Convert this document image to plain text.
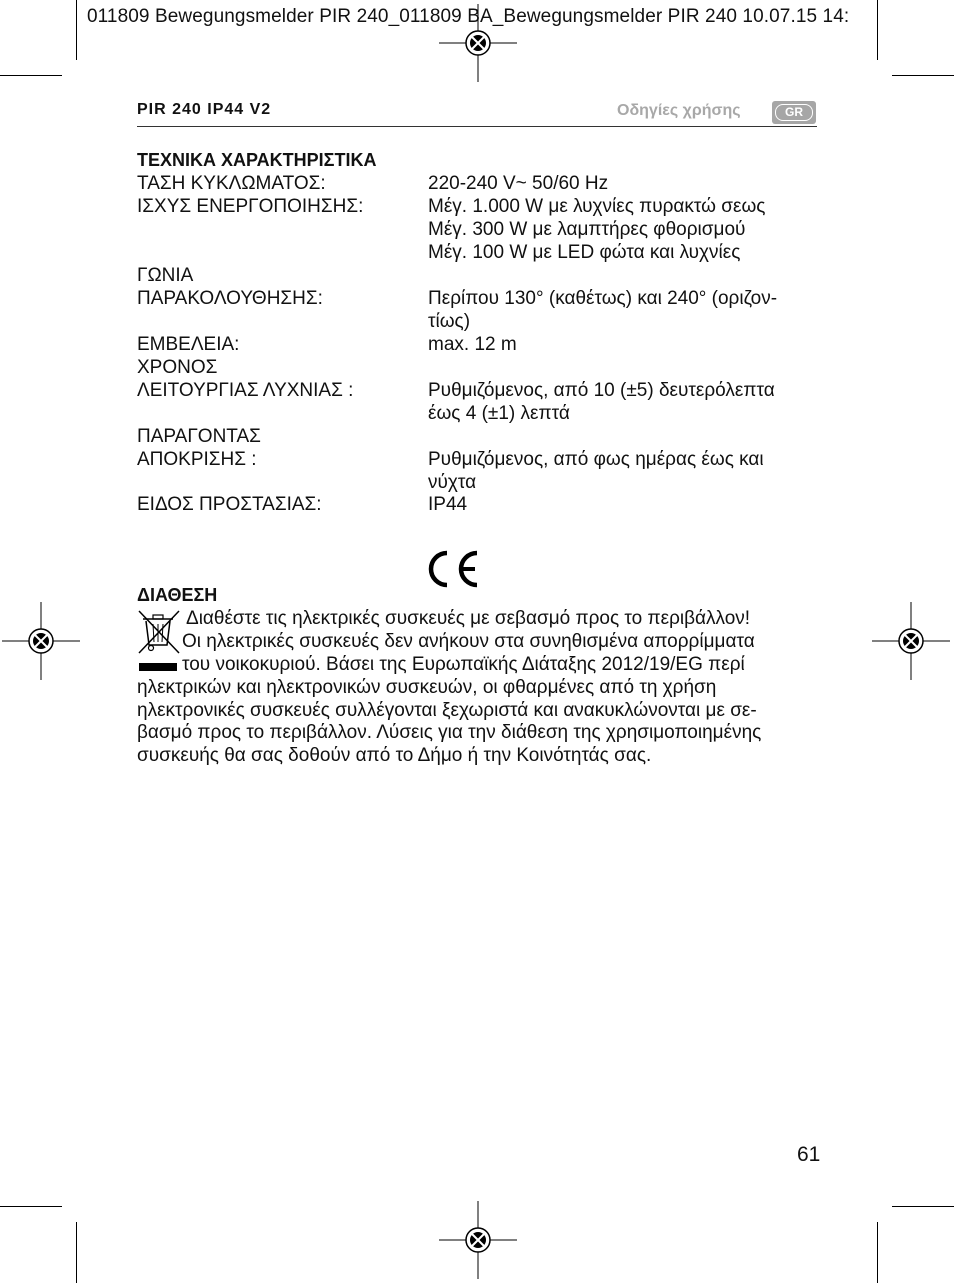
011809 Bewegungsmelder PIR 240_011809 BA_Bewegungsmelder PIR 240 10.07.15 14:
PIR 240 IP44 V2	Οδηγίες χρήσης	GR
ΤΕΧΝΙΚΑ ΧΑΡΑΚΤΗΡΙΣΤΙΚΑ
ΤΑΣΗ ΚΥΚΛΩΜΑΤΟΣ:	220-240 V~ 50/60 Hz
ΙΣΧΥΣ ΕΝΕΡΓΟΠΟΙΗΣΗΣ:	Μέγ. 1.000 W με λυχνίες πυρακτώ σεως
Μέγ. 300 W με λαμπτήρες φθορισμού
Μέγ. 100 W με LED φώτα και λυχνίες
ΓΩΝΙΑ
ΠΑΡΑΚΟΛΟΥΘΗΣΗΣ:	Περίπου 130° (καθέτως) και 240° (οριζον-
τίως)
ΕΜΒΕΛΕΙΑ:	max. 12 m
ΧΡΟΝΟΣ
ΛΕΙΤΟΥΡΓΙΑΣ ΛΥΧΝΙΑΣ :	Ρυθμιζόμενος, από 10 (±5) δευτερόλεπτα
έως 4 (±1) λεπτά
ΠΑΡΑΓΟΝΤΑΣ
ΑΠΟΚΡΙΣΗΣ :	Ρυθμιζόμενος, από φως ημέρας έως και
νύχτα
ΕΙΔΟΣ ΠΡΟΣΤΑΣΙΑΣ:	IP44
ΔΙΑΘΕΣΗ
Διαθέστε τις ηλεκτρικές συσκευές με σεβασμό προς το περιβάλλον!
Οι ηλεκτρικές συσκευές δεν ανήκουν στα συνηθισμένα απορρίμματα
του νοικοκυριού. Βάσει της Ευρωπαϊκής Διάταξης 2012/19/EG περί
ηλεκτρικών και ηλεκτρονικών συσκευών, οι φθαρμένες από τη χρήση
ηλεκτρονικές συσκευές συλλέγονται ξεχωριστά και ανακυκλώνονται με σε-
βασμό προς το περιβάλλον. Λύσεις για την διάθεση της χρησιμοποιημένης
συσκευής θα σας δοθούν από το Δήμο ή την Κοινότητάς σας.
61
